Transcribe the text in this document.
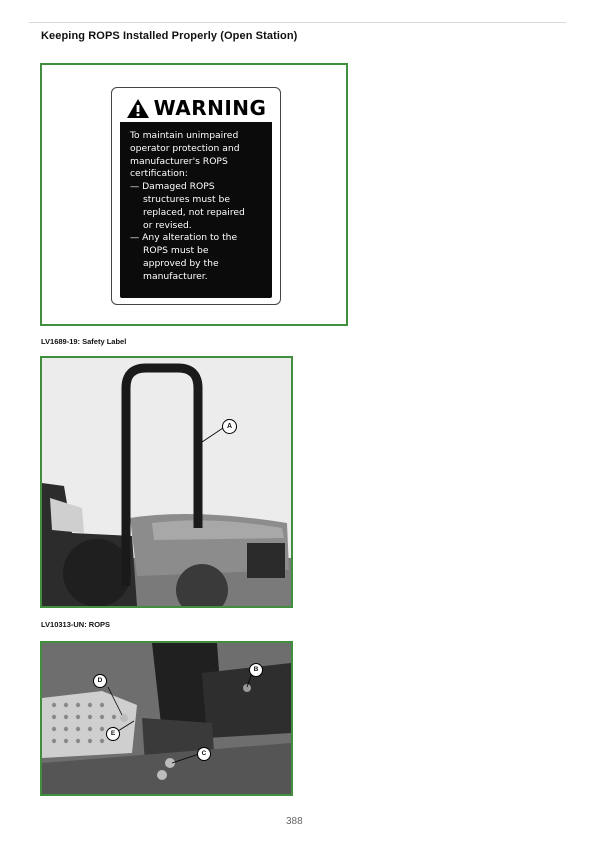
Keeping ROPS Installed Properly (Open Station)
WARNING
To maintain unimpaired
operator protection and
manufacturer's ROPS
certification:
— Damaged ROPS
structures must be
replaced, not repaired
or revised.
— Any alteration to the
ROPS must be
approved by the
manufacturer.
LV1689-19: Safety Label
A
LV10313-UN: ROPS
B
D
E
C
388
